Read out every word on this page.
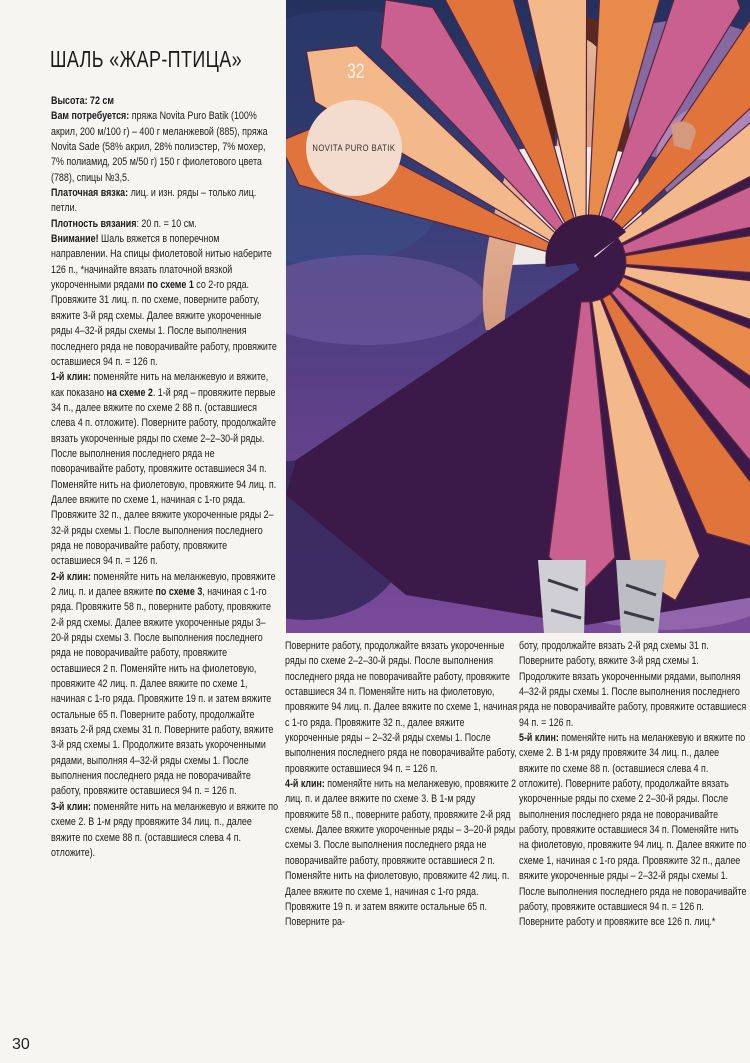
ШАЛЬ «ЖАР-ПТИЦА»

Высота: 72 см

Вам потребуется: пряжа Novita Puro Batik (100% акрил, 200 м/100 г) – 400 г меланжевой (885), пряжа Novita Sade (58% акрил, 28% полиэстер, 7% мохер, 7% полиамид, 205 м/50 г) 150 г фиолетового цвета (788), спицы №3,5.

Платочная вязка: лиц. и изн. ряды – только лиц. петли.

Плотность вязания: 20 п. = 10 см.

Внимание! Шаль вяжется в поперечном направлении. На спицы фиолетовой нитью наберите 126 п., *начинайте вязать платочной вязкой укороченными рядами по схеме 1 со 2-го ряда. Провяжите 31 лиц. п. по схеме, поверните работу, вяжите 3-й ряд схемы. Далее вяжите укороченные ряды 4–32-й ряды схемы 1. После выполнения последнего ряда не поворачивайте работу, провяжите оставшиеся 94 п. = 126 п.

1-й клин: поменяйте нить на меланжевую и вяжите, как показано на схеме 2. 1-й ряд – провяжите первые 34 п., далее вяжите по схеме 2 88 п. (оставшиеся слева 4 п. отложите). Поверните работу, продолжайте вязать укороченные ряды по схеме 2–2–30-й ряды. После выполнения последнего ряда не поворачивайте работу, провяжите оставшиеся 34 п. Поменяйте нить на фиолетовую, провяжите 94 лиц. п. Далее вяжите по схеме 1, начиная с 1-го ряда. Провяжите 32 п., далее вяжите укороченные ряды 2–32-й ряды схемы 1. После выполнения последнего ряда не поворачивайте работу, провяжите оставшиеся 94 п. = 126 п.

2-й клин: поменяйте нить на меланжевую, провяжите 2 лиц. п. и далее вяжите по схеме 3, начиная с 1-го ряда. Провяжите 58 п., поверните работу, провяжите 2-й ряд схемы. Далее вяжите укороченные ряды 3–20-й ряды схемы 3. После выполнения последнего ряда не поворачивайте работу, провяжите оставшиеся 2 п. Поменяйте нить на фиолетовую, провяжите 42 лиц. п. Далее вяжите по схеме 1, начиная с 1-го ряда. Провяжите 19 п. и затем вяжите остальные 65 п. Поверните работу, продолжайте вязать 2-й ряд схемы 31 п. Поверните работу, вяжите 3-й ряд схемы 1. Продолжите вязать укороченными рядами, выполняя 4–32-й ряды схемы 1. После выполнения последнего ряда не поворачивайте работу, провяжите оставшиеся 94 п. = 126 п.

3-й клин: поменяйте нить на меланжевую и вяжите по схеме 2. В 1-м ряду провяжите 34 лиц. п., далее вяжите по схеме 88 п. (оставшиеся слева 4 п. отложите).

32
NOVITA PURO BATIK

Поверните работу, продолжайте вязать укороченные ряды по схеме 2–2–30-й ряды. После выполнения последнего ряда не поворачивайте работу, провяжите оставшиеся 34 п. Поменяйте нить на фиолетовую, провяжите 94 лиц. п. Далее вяжите по схеме 1, начиная с 1-го ряда. Провяжите 32 п., далее вяжите укороченные ряды – 2–32-й ряды схемы 1. После выполнения последнего ряда не поворачивайте работу, провяжите оставшиеся 94 п. = 126 п.

4-й клин: поменяйте нить на меланжевую, провяжите 2 лиц. п. и далее вяжите по схеме 3. В 1-м ряду провяжите 58 п., поверните работу, провяжите 2-й ряд схемы. Далее вяжите укороченные ряды – 3–20-й ряды схемы 3. После выполнения последнего ряда не поворачивайте работу, провяжите оставшиеся 2 п. Поменяйте нить на фиолетовую, провяжите 42 лиц. п. Далее вяжите по схеме 1, начиная с 1-го ряда. Провяжите 19 п. и затем вяжите остальные 65 п. Поверните ра-

боту, продолжайте вязать 2-й ряд схемы 31 п. Поверните работу, вяжите 3-й ряд схемы 1. Продолжите вязать укороченными рядами, выполняя 4–32-й ряды схемы 1. После выполнения последнего ряда не поворачивайте работу, провяжите оставшиеся 94 п. = 126 п.

5-й клин: поменяйте нить на меланжевую и вяжите по схеме 2. В 1-м ряду провяжите 34 лиц. п., далее вяжите по схеме 88 п. (оставшиеся слева 4 п. отложите). Поверните работу, продолжайте вязать укороченные ряды по схеме 2 2–30-й ряды. После выполнения последнего ряда не поворачивайте работу, провяжите оставшиеся 34 п. Поменяйте нить на фиолетовую, провяжите 94 лиц. п. Далее вяжите по схеме 1, начиная с 1-го ряда. Провяжите 32 п., далее вяжите укороченные ряды – 2–32-й ряды схемы 1. После выполнения последнего ряда не поворачивайте работу, провяжите оставшиеся 94 п. = 126 п. Поверните работу и провяжите все 126 п. лиц.*

30
